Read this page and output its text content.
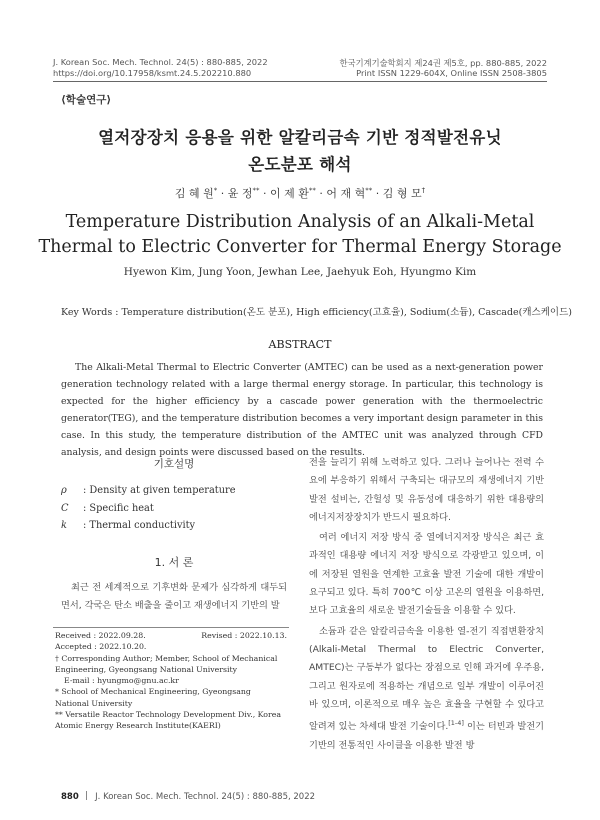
J. Korean Soc. Mech. Technol. 24(5) : 880-885, 2022
https://doi.org/10.17958/ksmt.24.5.202210.880
한국기계기술학회지 제24권 제5호, pp. 880-885, 2022
Print ISSN 1229-604X, Online ISSN 2508-3805
⟨학술연구⟩
열저장장치 응용을 위한 알칼리금속 기반 정적발전유닛
온도분포 해석
김 혜 원* · 윤 정** · 이 제 환** · 어 재 혁** · 김 형 모†
Temperature Distribution Analysis of an Alkali-Metal
Thermal to Electric Converter for Thermal Energy Storage
Hyewon Kim, Jung Yoon, Jewhan Lee, Jaehyuk Eoh, Hyungmo Kim
Key Words : Temperature distribution(온도 분포), High efficiency(고효율), Sodium(소듐), Cascade(캐스케이드)
ABSTRACT
The Alkali-Metal Thermal to Electric Converter (AMTEC) can be used as a next-generation power generation technology related with a large thermal energy storage. In particular, this technology is expected for the higher efficiency by a cascade power generation with the thermoelectric generator(TEG), and the temperature distribution becomes a very important design parameter in this case. In this study, the temperature distribution of the AMTEC unit was analyzed through CFD analysis, and design points were discussed based on the results.
기호설명
ρ : Density at given temperature
C : Specific heat
k : Thermal conductivity
1. 서 론

최근 전 세계적으로 기후변화 문제가 심각하게 대두되면서, 각국은 탄소 배출을 줄이고 재생에너지 기반의 발

Received : 2022.09.28.	Revised : 2022.10.13.
Accepted : 2022.10.20.
† Corresponding Author; Member, School of Mechanical Engineering, Gyeongsang National University
E-mail : hyungmo@gnu.ac.kr
* School of Mechanical Engineering, Gyeongsang National University
** Versatile Reactor Technology Development Div., Korea Atomic Energy Research Institute(KAERI)

전을 늘리기 위해 노력하고 있다. 그러나 늘어나는 전력 수요에 부응하기 위해서 구축되는 대규모의 재생에너지 기반 발전 설비는, 간헐성 및 유동성에 대응하기 위한 대용량의 에너지저장장치가 반드시 필요하다.

여러 에너지 저장 방식 중 열에너지저장 방식은 최근 효과적인 대용량 에너지 저장 방식으로 각광받고 있으며, 이에 저장된 열원을 연계한 고효율 발전 기술에 대한 개발이 요구되고 있다. 특히 700℃ 이상 고온의 열원을 이용하면, 보다 고효율의 새로운 발전기술들을 이용할 수 있다.

소듐과 같은 알칼리금속을 이용한 열-전기 직접변환장치(Alkali-Metal Thermal to Electric Converter, AMTEC)는 구동부가 없다는 장점으로 인해 과거에 우주용, 그리고 원자로에 적용하는 개념으로 일부 개발이 이루어진 바 있으며, 이론적으로 매우 높은 효율을 구현할 수 있다고 알려져 있는 차세대 발전 기술이다.[1-4] 이는 터빈과 발전기 기반의 전통적인 사이클을 이용한 발전 방

880 J. Korean Soc. Mech. Technol. 24(5) : 880-885, 2022
